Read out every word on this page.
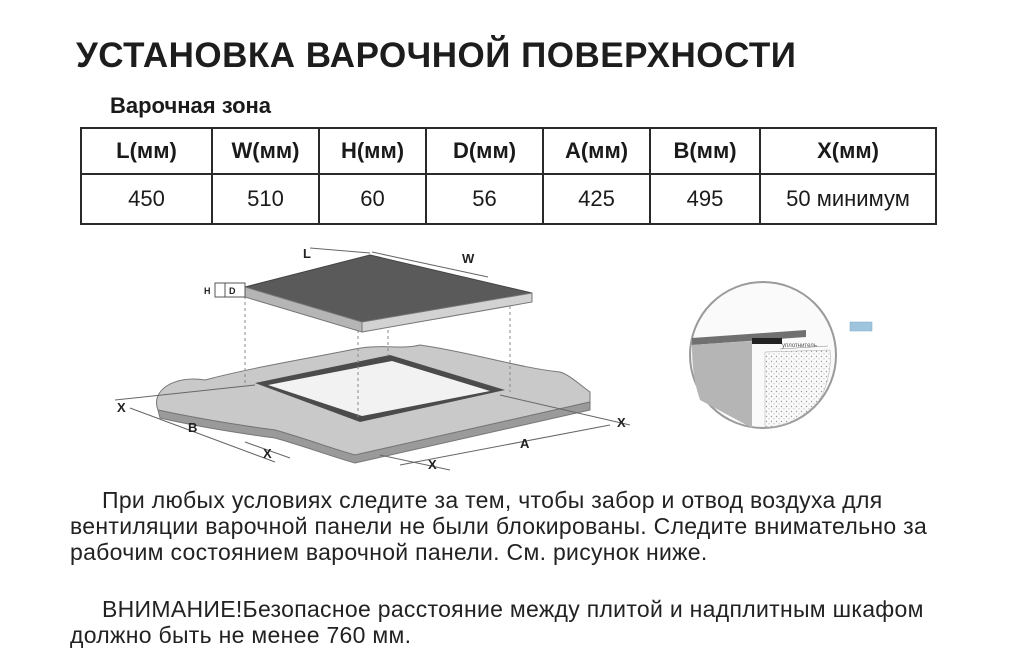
УСТАНОВКА ВАРОЧНОЙ ПОВЕРХНОСТИ
Варочная зона
L(мм)	W(мм)	H(мм)	D(мм)	A(мм)	B(мм)	X(мм)
450	510	60	56	425	495	50 минимум
L	W
H D
X
B
X
X
A
X
уплотнитель
При любых условиях следите за тем, чтобы забор и отвод воздуха для вентиляции варочной панели не были блокированы. Следите внимательно за рабочим состоянием варочной панели. См. рисунок ниже.
ВНИМАНИЕ!Безопасное расстояние между плитой и надплитным шкафом должно быть не менее 760 мм.
